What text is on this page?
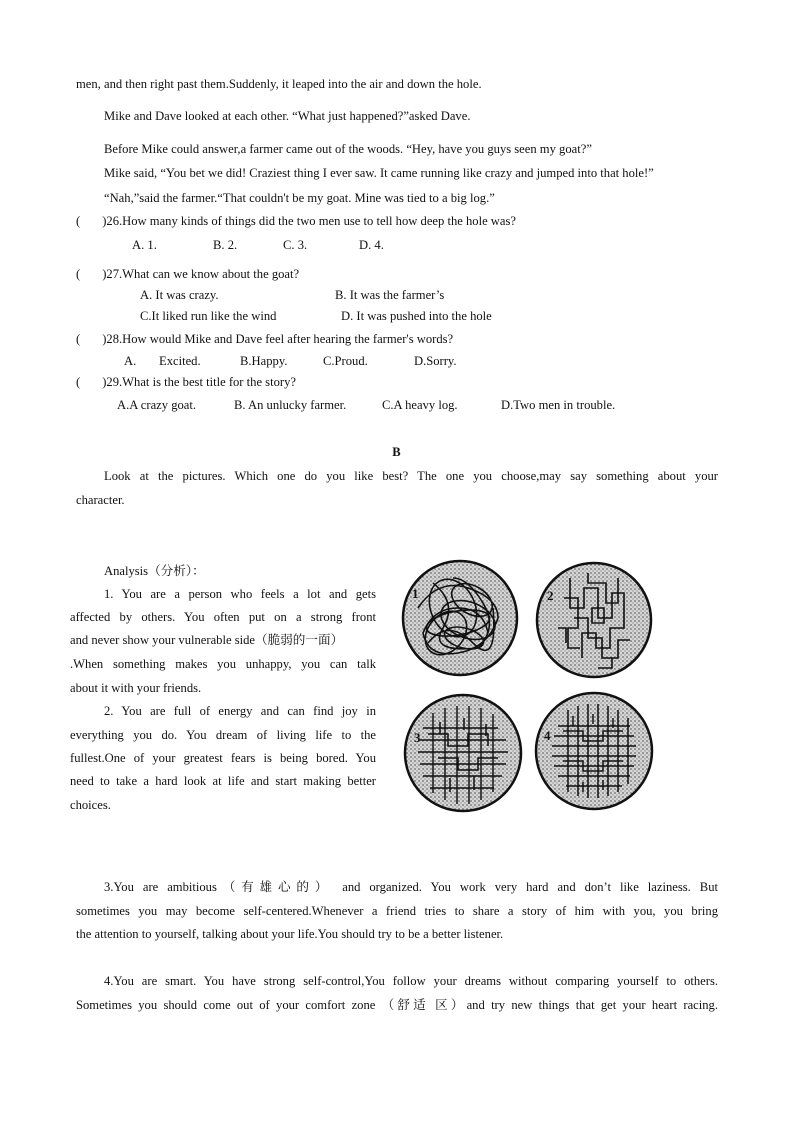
men, and then right past them.Suddenly, it leaped into the air and down the hole.
Mike and Dave looked at each other. “What just happened?”asked Dave.
Before Mike could answer,a farmer came out of the woods. “Hey, have you guys seen my goat?”
Mike said, “You bet we did! Craziest thing I ever saw. It came running like crazy and jumped into that hole!”
“Nah,”said the farmer.“That couldn't be my goat. Mine was tied to a big log.”
( )26.How many kinds of things did the two men use to tell how deep the hole was?
A. 1.	B. 2.	C. 3.	D. 4.
( )27.What can we know about the goat?
A. It was crazy.	B. It was the farmer’s
C.It liked run like the wind	D. It was pushed into the hole
( )28.How would Mike and Dave feel after hearing the farmer's words?
A. Excited.	B.Happy.	C.Proud.	D.Sorry.
( )29.What is the best title for the story?
A.A crazy goat.	B. An unlucky farmer.	C.A heavy log.	D.Two men in trouble.
B
Look at the pictures. Which one do you like best? The one you choose,may say something about your
character.
Analysis（分析）：
1. You are a person who feels a lot and gets
affected by others. You often put on a strong front
and never show your vulnerable side（脆弱的一面）
.When something makes you unhappy, you can talk
about it with your friends.
2. You are full of energy and can find joy in
everything you do. You dream of living life to the
fullest.One of your greatest fears is being bored. You
need to take a hard look at life and start making better
choices.
1	2
3	4
3.You are ambitious（有雄心的） and organized. You work very hard and don’t like laziness. But
sometimes you may become self-centered.Whenever a friend tries to share a story of him with you, you bring
the attention to yourself, talking about your life.You should try to be a better listener.
4.You are smart. You have strong self-control,You follow your dreams without comparing yourself to others.
Sometimes you should come out of your comfort zone （舒适 区）and try new things that get your heart racing.
